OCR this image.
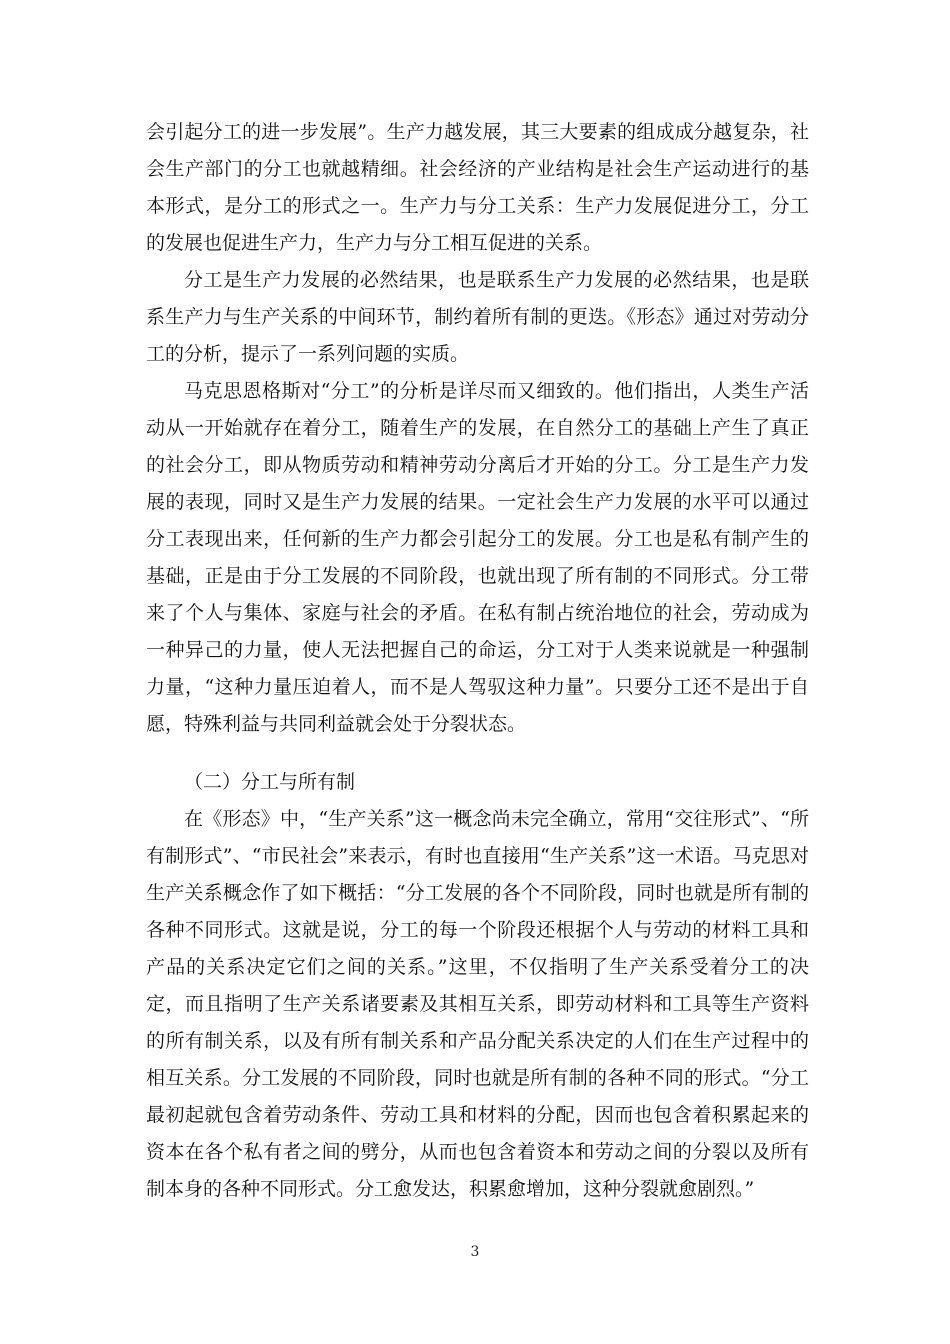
会引起分工的进一步发展”。生产力越发展，其三大要素的组成成分越复杂，社会生产部门的分工也就越精细。社会经济的产业结构是社会生产运动进行的基本形式，是分工的形式之一。生产力与分工关系：生产力发展促进分工，分工的发展也促进生产力，生产力与分工相互促进的关系。

分工是生产力发展的必然结果，也是联系生产力发展的必然结果，也是联系生产力与生产关系的中间环节，制约着所有制的更迭。《形态》通过对劳动分工的分析，提示了一系列问题的实质。

马克思恩格斯对“分工”的分析是详尽而又细致的。他们指出，人类生产活动从一开始就存在着分工，随着生产的发展，在自然分工的基础上产生了真正的社会分工，即从物质劳动和精神劳动分离后才开始的分工。分工是生产力发展的表现，同时又是生产力发展的结果。一定社会生产力发展的水平可以通过分工表现出来，任何新的生产力都会引起分工的发展。分工也是私有制产生的基础，正是由于分工发展的不同阶段，也就出现了所有制的不同形式。分工带来了个人与集体、家庭与社会的矛盾。在私有制占统治地位的社会，劳动成为一种异己的力量，使人无法把握自己的命运，分工对于人类来说就是一种强制力量，“这种力量压迫着人，而不是人驾驭这种力量”。只要分工还不是出于自愿，特殊利益与共同利益就会处于分裂状态。

（二）分工与所有制

在《形态》中，“生产关系”这一概念尚未完全确立，常用“交往形式”、“所有制形式”、“市民社会”来表示，有时也直接用“生产关系”这一术语。马克思对生产关系概念作了如下概括：“分工发展的各个不同阶段，同时也就是所有制的各种不同形式。这就是说，分工的每一个阶段还根据个人与劳动的材料工具和产品的关系决定它们之间的关系。”这里，不仅指明了生产关系受着分工的决定，而且指明了生产关系诸要素及其相互关系，即劳动材料和工具等生产资料的所有制关系，以及有所有制关系和产品分配关系决定的人们在生产过程中的相互关系。分工发展的不同阶段，同时也就是所有制的各种不同的形式。“分工最初起就包含着劳动条件、劳动工具和材料的分配，因而也包含着积累起来的资本在各个私有者之间的劈分，从而也包含着资本和劳动之间的分裂以及所有制本身的各种不同形式。分工愈发达，积累愈增加，这种分裂就愈剧烈。”

3
